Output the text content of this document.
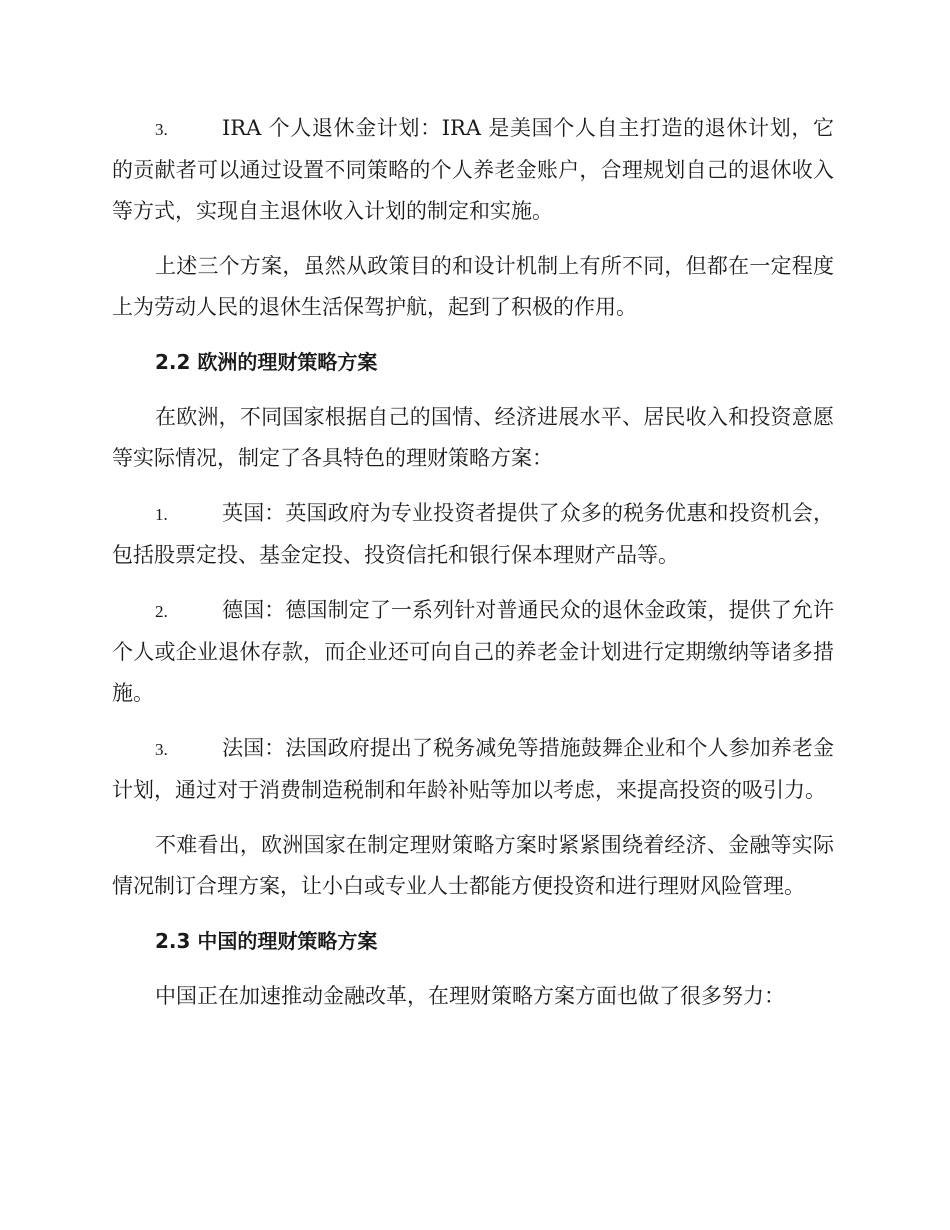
3.	IRA 个人退休金计划：IRA 是美国个人自主打造的退休计划，它的贡献者可以通过设置不同策略的个人养老金账户，合理规划自己的退休收入等方式，实现自主退休收入计划的制定和实施。

上述三个方案，虽然从政策目的和设计机制上有所不同，但都在一定程度上为劳动人民的退休生活保驾护航，起到了积极的作用。

2.2 欧洲的理财策略方案

在欧洲，不同国家根据自己的国情、经济进展水平、居民收入和投资意愿等实际情况，制定了各具特色的理财策略方案：

1.	英国：英国政府为专业投资者提供了众多的税务优惠和投资机会，包括股票定投、基金定投、投资信托和银行保本理财产品等。

2.	德国：德国制定了一系列针对普通民众的退休金政策，提供了允许个人或企业退休存款，而企业还可向自己的养老金计划进行定期缴纳等诸多措施。

3.	法国：法国政府提出了税务减免等措施鼓舞企业和个人参加养老金计划，通过对于消费制造税制和年龄补贴等加以考虑，来提高投资的吸引力。

不难看出，欧洲国家在制定理财策略方案时紧紧围绕着经济、金融等实际情况制订合理方案，让小白或专业人士都能方便投资和进行理财风险管理。

2.3 中国的理财策略方案

中国正在加速推动金融改革，在理财策略方案方面也做了很多努力：
